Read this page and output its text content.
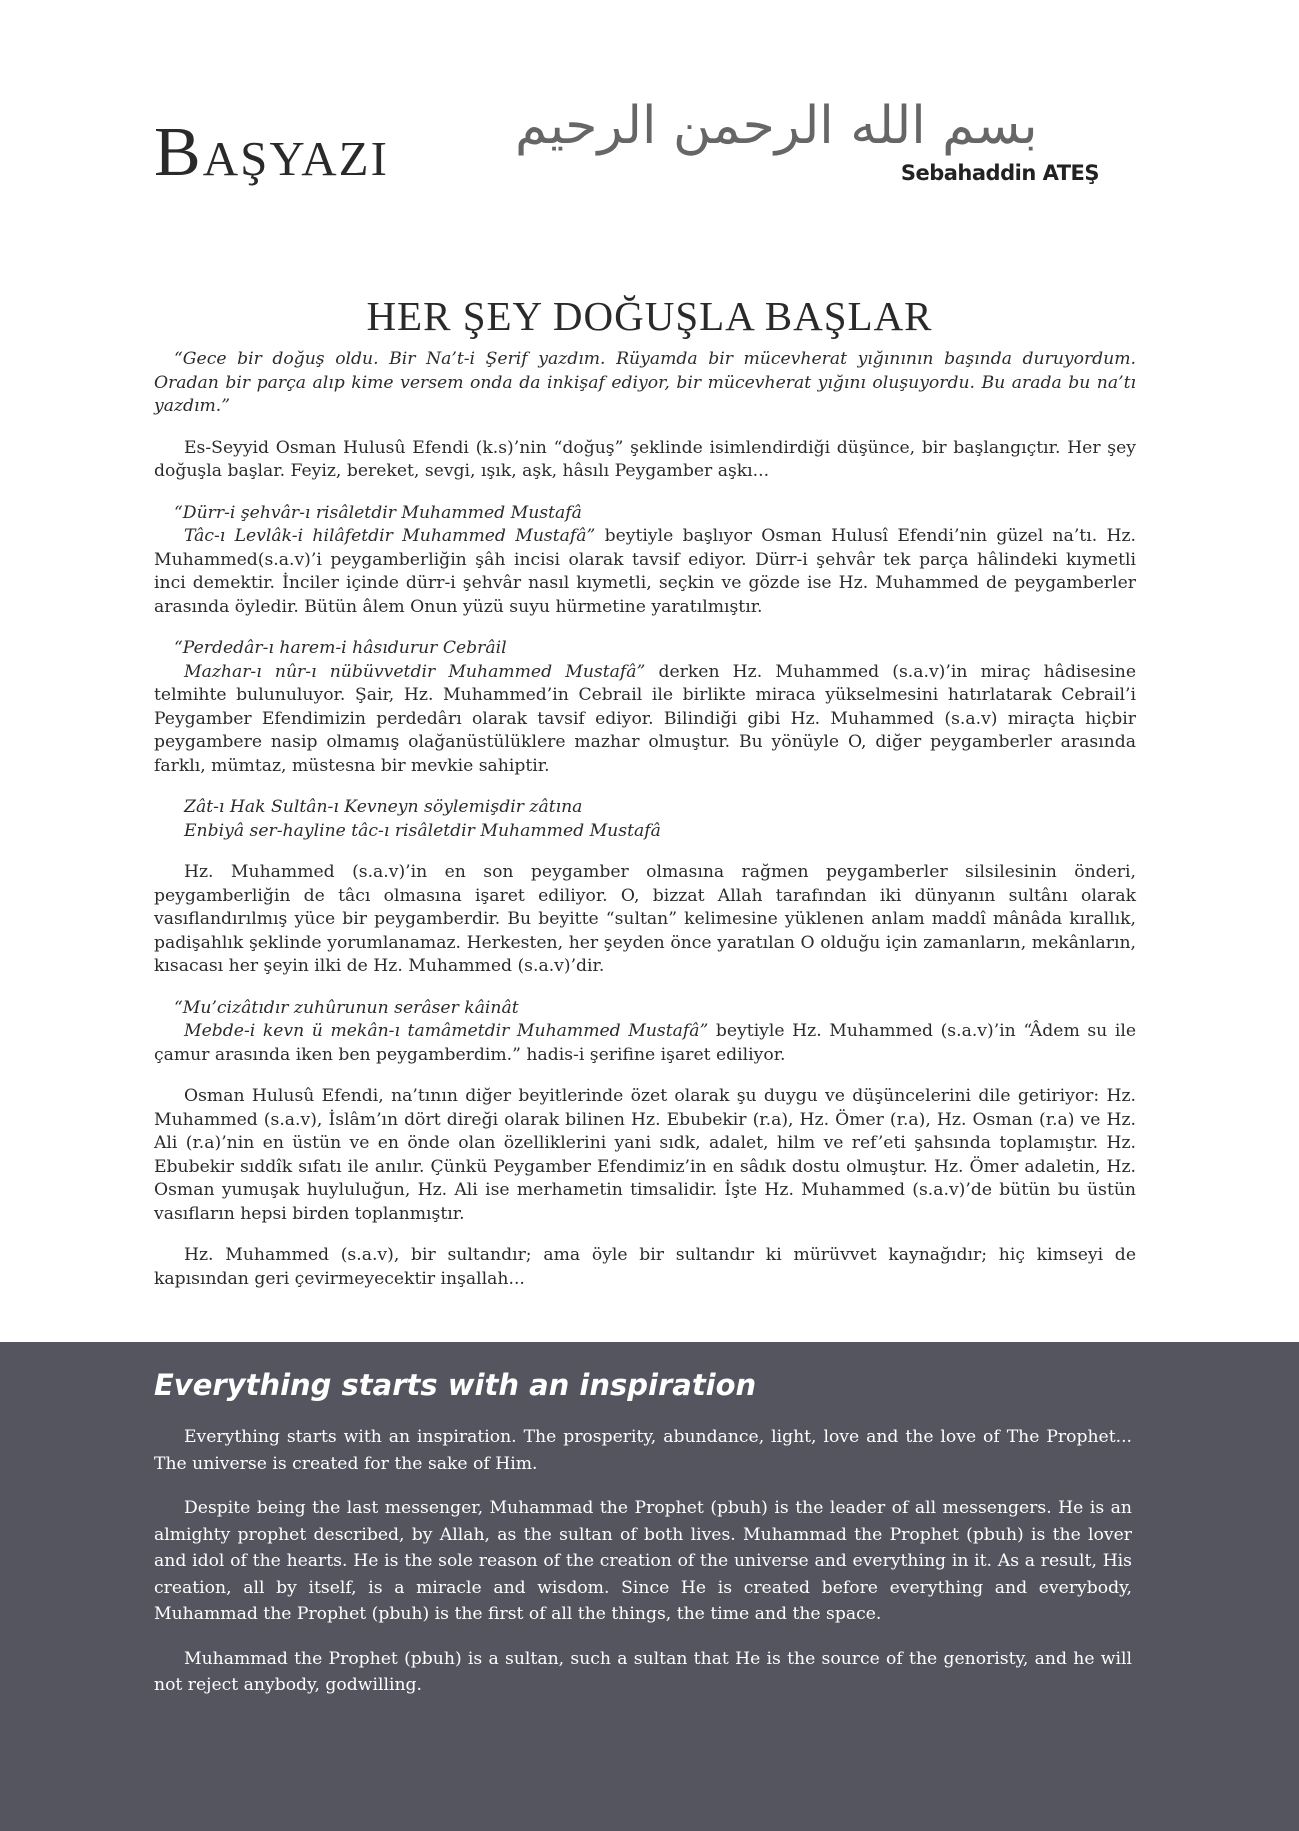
Başyazı بسم الله الرحمن الرحيم
Sebahaddin ATEŞ
HER ŞEY DOĞUŞLA BAŞLAR

“Gece bir doğuş oldu. Bir Na’t-i Şerif yazdım. Rüyamda bir mücevherat yığınının başında duruyordum. Oradan bir parça alıp kime versem onda da inkişaf ediyor, bir mücevherat yığını oluşuyordu. Bu arada bu na’tı yazdım.”

Es-Seyyid Osman Hulusû Efendi (k.s)’nin “doğuş” şeklinde isimlendirdiği düşünce, bir başlangıçtır. Her şey doğuşla başlar. Feyiz, bereket, sevgi, ışık, aşk, hâsılı Peygamber aşkı...

“Dürr-i şehvâr-ı risâletdir Muhammed Mustafâ
Tâc-ı Levlâk-i hilâfetdir Muhammed Mustafâ” beytiyle başlıyor Osman Hulusî Efendi’nin güzel na’tı. Hz. Muhammed(s.a.v)’i peygamberliğin şâh incisi olarak tavsif ediyor. Dürr-i şehvâr tek parça hâlindeki kıymetli inci demektir. İnciler içinde dürr-i şehvâr nasıl kıymetli, seçkin ve gözde ise Hz. Muhammed de peygamberler arasında öyledir. Bütün âlem Onun yüzü suyu hürmetine yaratılmıştır.
“Perdedâr-ı harem-i hâsıdurur Cebrâil
Mazhar-ı nûr-ı nübüvvetdir Muhammed Mustafâ” derken Hz. Muhammed (s.a.v)’in miraç hâdisesine telmihte bulunuluyor. Şair, Hz. Muhammed’in Cebrail ile birlikte miraca yükselmesini hatırlatarak Cebrail’i Peygamber Efendimizin perdedârı olarak tavsif ediyor. Bilindiği gibi Hz. Muhammed (s.a.v) miraçta hiçbir peygambere nasip olmamış olağanüstülüklere mazhar olmuştur. Bu yönüyle O, diğer peygamberler arasında farklı, mümtaz, müstesna bir mevkie sahiptir.
Zât-ı Hak Sultân-ı Kevneyn söylemişdir zâtına
Enbiyâ ser-hayline tâc-ı risâletdir Muhammed Mustafâ

Hz. Muhammed (s.a.v)’in en son peygamber olmasına rağmen peygamberler silsilesinin önderi, peygamberliğin de tâcı olmasına işaret ediliyor. O, bizzat Allah tarafından iki dünyanın sultânı olarak vasıflandırılmış yüce bir peygamberdir. Bu beyitte “sultan” kelimesine yüklenen anlam maddî mânâda kırallık, padişahlık şeklinde yorumlanamaz. Herkesten, her şeyden önce yaratılan O olduğu için zamanların, mekânların, kısacası her şeyin ilki de Hz. Muhammed (s.a.v)’dir.

“Mu’cizâtıdır zuhûrunun serâser kâinât
Mebde-i kevn ü mekân-ı tamâmetdir Muhammed Mustafâ” beytiyle Hz. Muhammed (s.a.v)’in “Âdem su ile çamur arasında iken ben peygamberdim.” hadis-i şerifine işaret ediliyor.

Osman Hulusû Efendi, na’tının diğer beyitlerinde özet olarak şu duygu ve düşüncelerini dile getiriyor: Hz. Muhammed (s.a.v), İslâm’ın dört direği olarak bilinen Hz. Ebubekir (r.a), Hz. Ömer (r.a), Hz. Osman (r.a) ve Hz. Ali (r.a)’nin en üstün ve en önde olan özelliklerini yani sıdk, adalet, hilm ve ref’eti şahsında toplamıştır. Hz. Ebubekir sıddîk sıfatı ile anılır. Çünkü Peygamber Efendimiz’in en sâdık dostu olmuştur. Hz. Ömer adaletin, Hz. Osman yumuşak huyluluğun, Hz. Ali ise merhametin timsalidir. İşte Hz. Muhammed (s.a.v)’de bütün bu üstün vasıfların hepsi birden toplanmıştır.

Hz. Muhammed (s.a.v), bir sultandır; ama öyle bir sultandır ki mürüvvet kaynağıdır; hiç kimseyi de kapısından geri çevirmeyecektir inşallah...

Everything starts with an inspiration

Everything starts with an inspiration. The prosperity, abundance, light, love and the love of The Prophet... The universe is created for the sake of Him.

Despite being the last messenger, Muhammad the Prophet (pbuh) is the leader of all messengers. He is an almighty prophet described, by Allah, as the sultan of both lives. Muhammad the Prophet (pbuh) is the lover and idol of the hearts. He is the sole reason of the creation of the universe and everything in it. As a result, His creation, all by itself, is a miracle and wisdom. Since He is created before everything and everybody, Muhammad the Prophet (pbuh) is the first of all the things, the time and the space.

Muhammad the Prophet (pbuh) is a sultan, such a sultan that He is the source of the genoristy, and he will not reject anybody, godwilling.
